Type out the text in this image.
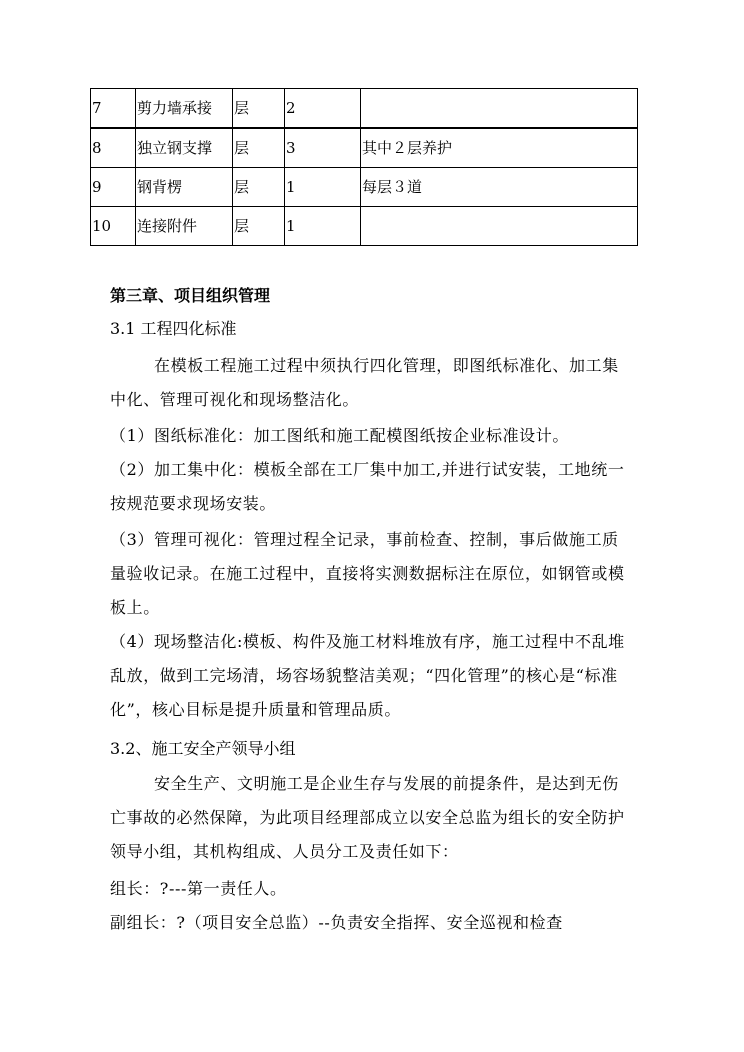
7	剪力墙承接	层	2	
8	独立钢支撑	层	3	其中２层养护
9	钢背楞	层	1	每层３道
10	连接附件	层	1	
第三章、项目组织管理
3.1 工程四化标准
在模板工程施工过程中须执行四化管理，即图纸标准化、加工集中化、管理可视化和现场整洁化。
（1）图纸标准化：加工图纸和施工配模图纸按企业标准设计。
（2）加工集中化：模板全部在工厂集中加工,并进行试安装，工地统一按规范要求现场安装。
（3）管理可视化：管理过程全记录，事前检查、控制，事后做施工质量验收记录。在施工过程中，直接将实测数据标注在原位，如钢管或模板上。
（4）现场整洁化:模板、构件及施工材料堆放有序，施工过程中不乱堆乱放，做到工完场清，场容场貌整洁美观；“四化管理”的核心是“标准化”，核心目标是提升质量和管理品质。
3.2、施工安全产领导小组
安全生产、文明施工是企业生存与发展的前提条件，是达到无伤亡事故的必然保障，为此项目经理部成立以安全总监为组长的安全防护领导小组，其机构组成、人员分工及责任如下：
组长：?---第一责任人。
副组长：?（项目安全总监）--负责安全指挥、安全巡视和检查
